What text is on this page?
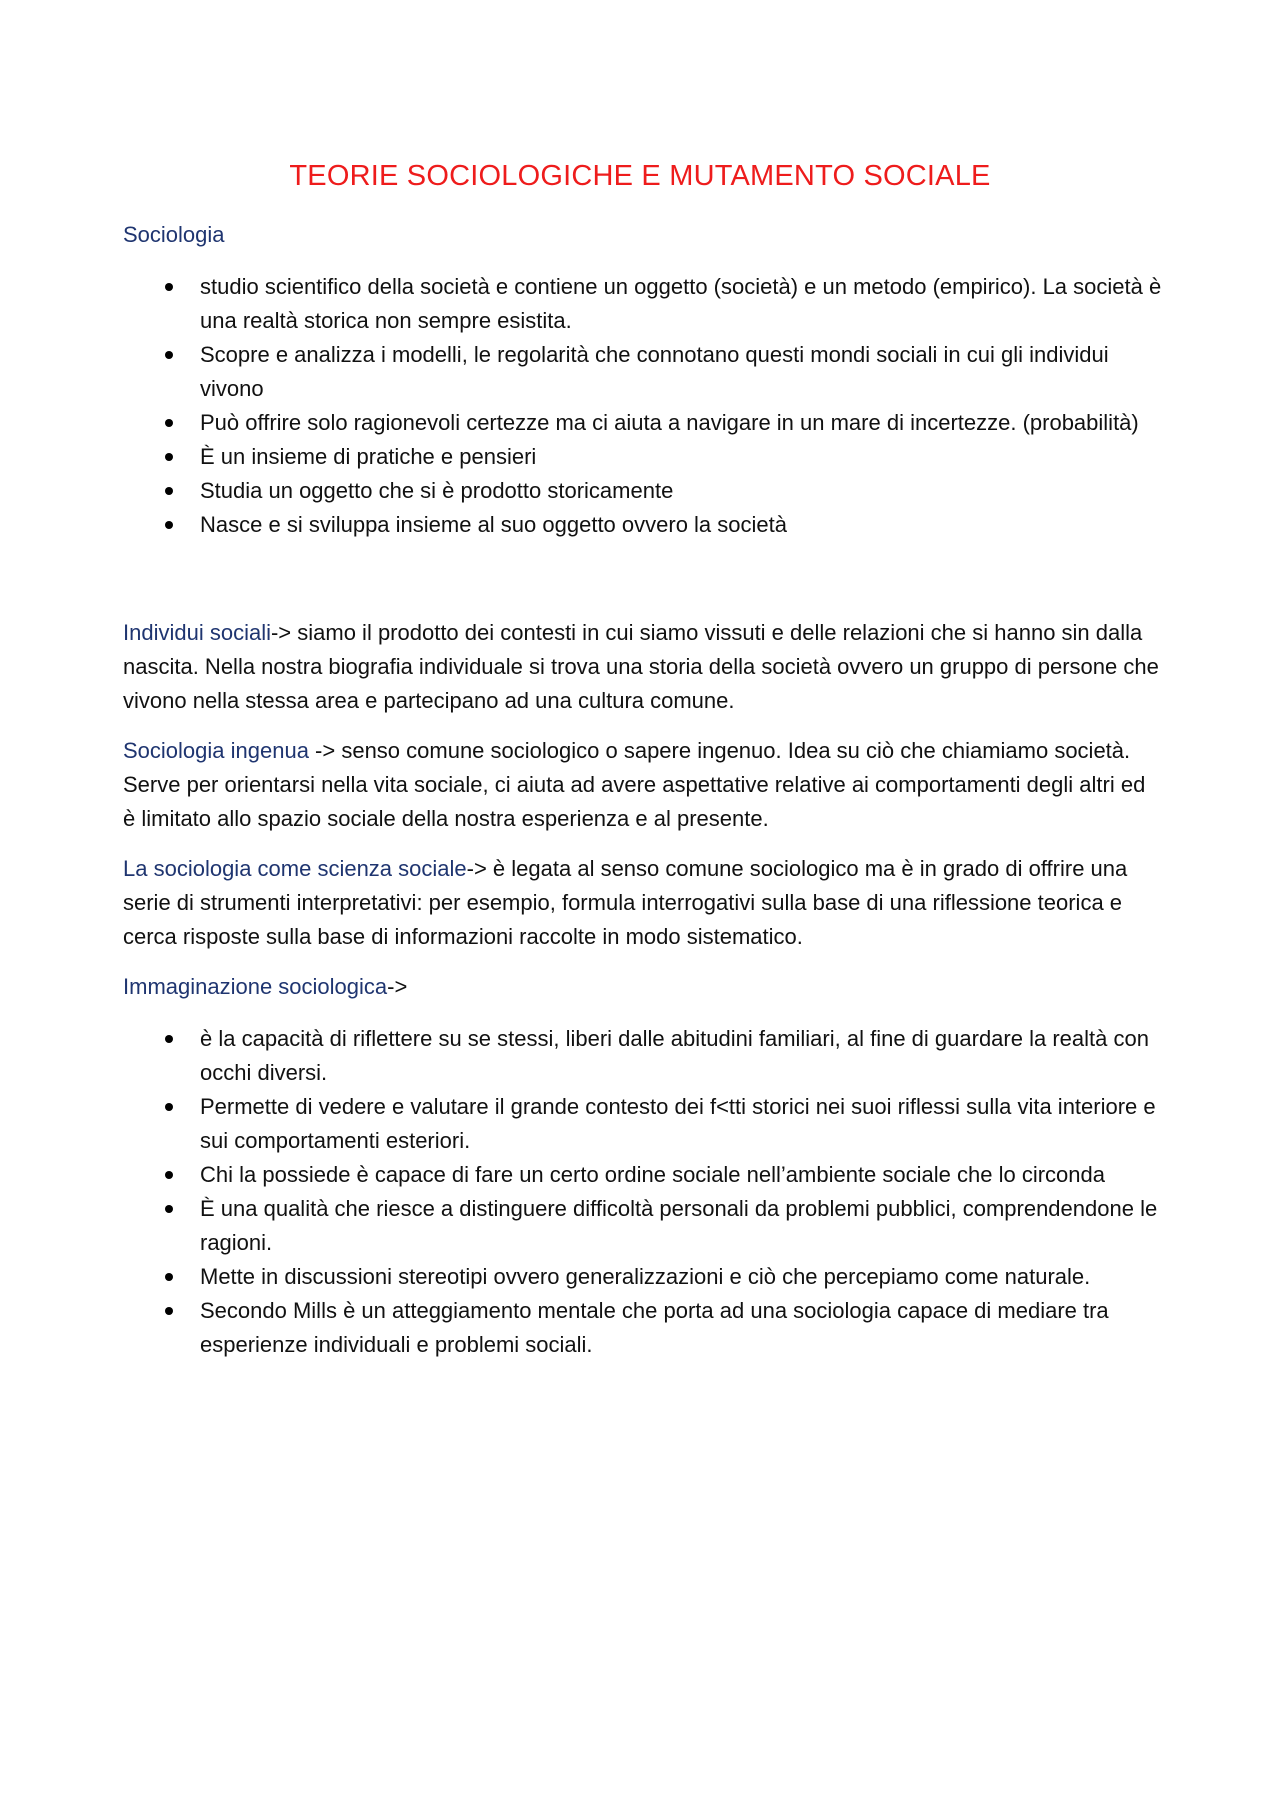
TEORIE SOCIOLOGICHE E MUTAMENTO SOCIALE

Sociologia

studio scientifico della società e contiene un oggetto (società) e un metodo (empirico). La società è una realtà storica non sempre esistita.
Scopre e analizza i modelli, le regolarità che connotano questi mondi sociali in cui gli individui vivono
Può offrire solo ragionevoli certezze ma ci aiuta a navigare in un mare di incertezze. (probabilità)
È un insieme di pratiche e pensieri
Studia un oggetto che si è prodotto storicamente
Nasce e si sviluppa insieme al suo oggetto ovvero la società

Individui sociali-> siamo il prodotto dei contesti in cui siamo vissuti e delle relazioni che si hanno sin dalla nascita. Nella nostra biografia individuale si trova una storia della società ovvero un gruppo di persone che vivono nella stessa area e partecipano ad una cultura comune.

Sociologia ingenua -> senso comune sociologico o sapere ingenuo. Idea su ciò che chiamiamo società. Serve per orientarsi nella vita sociale, ci aiuta ad avere aspettative relative ai comportamenti degli altri ed è limitato allo spazio sociale della nostra esperienza e al presente.

La sociologia come scienza sociale-> è legata al senso comune sociologico ma è in grado di offrire una serie di strumenti interpretativi: per esempio, formula interrogativi sulla base di una riflessione teorica e cerca risposte sulla base di informazioni raccolte in modo sistematico.

Immaginazione sociologica->

è la capacità di riflettere su se stessi, liberi dalle abitudini familiari, al fine di guardare la realtà con occhi diversi.
Permette di vedere e valutare il grande contesto dei f<tti storici nei suoi riflessi sulla vita interiore e sui comportamenti esteriori.
Chi la possiede è capace di fare un certo ordine sociale nell’ambiente sociale che lo circonda
È una qualità che riesce a distinguere difficoltà personali da problemi pubblici, comprendendone le ragioni.
Mette in discussioni stereotipi ovvero generalizzazioni e ciò che percepiamo come naturale.
Secondo Mills è un atteggiamento mentale che porta ad una sociologia capace di mediare tra esperienze individuali e problemi sociali.
